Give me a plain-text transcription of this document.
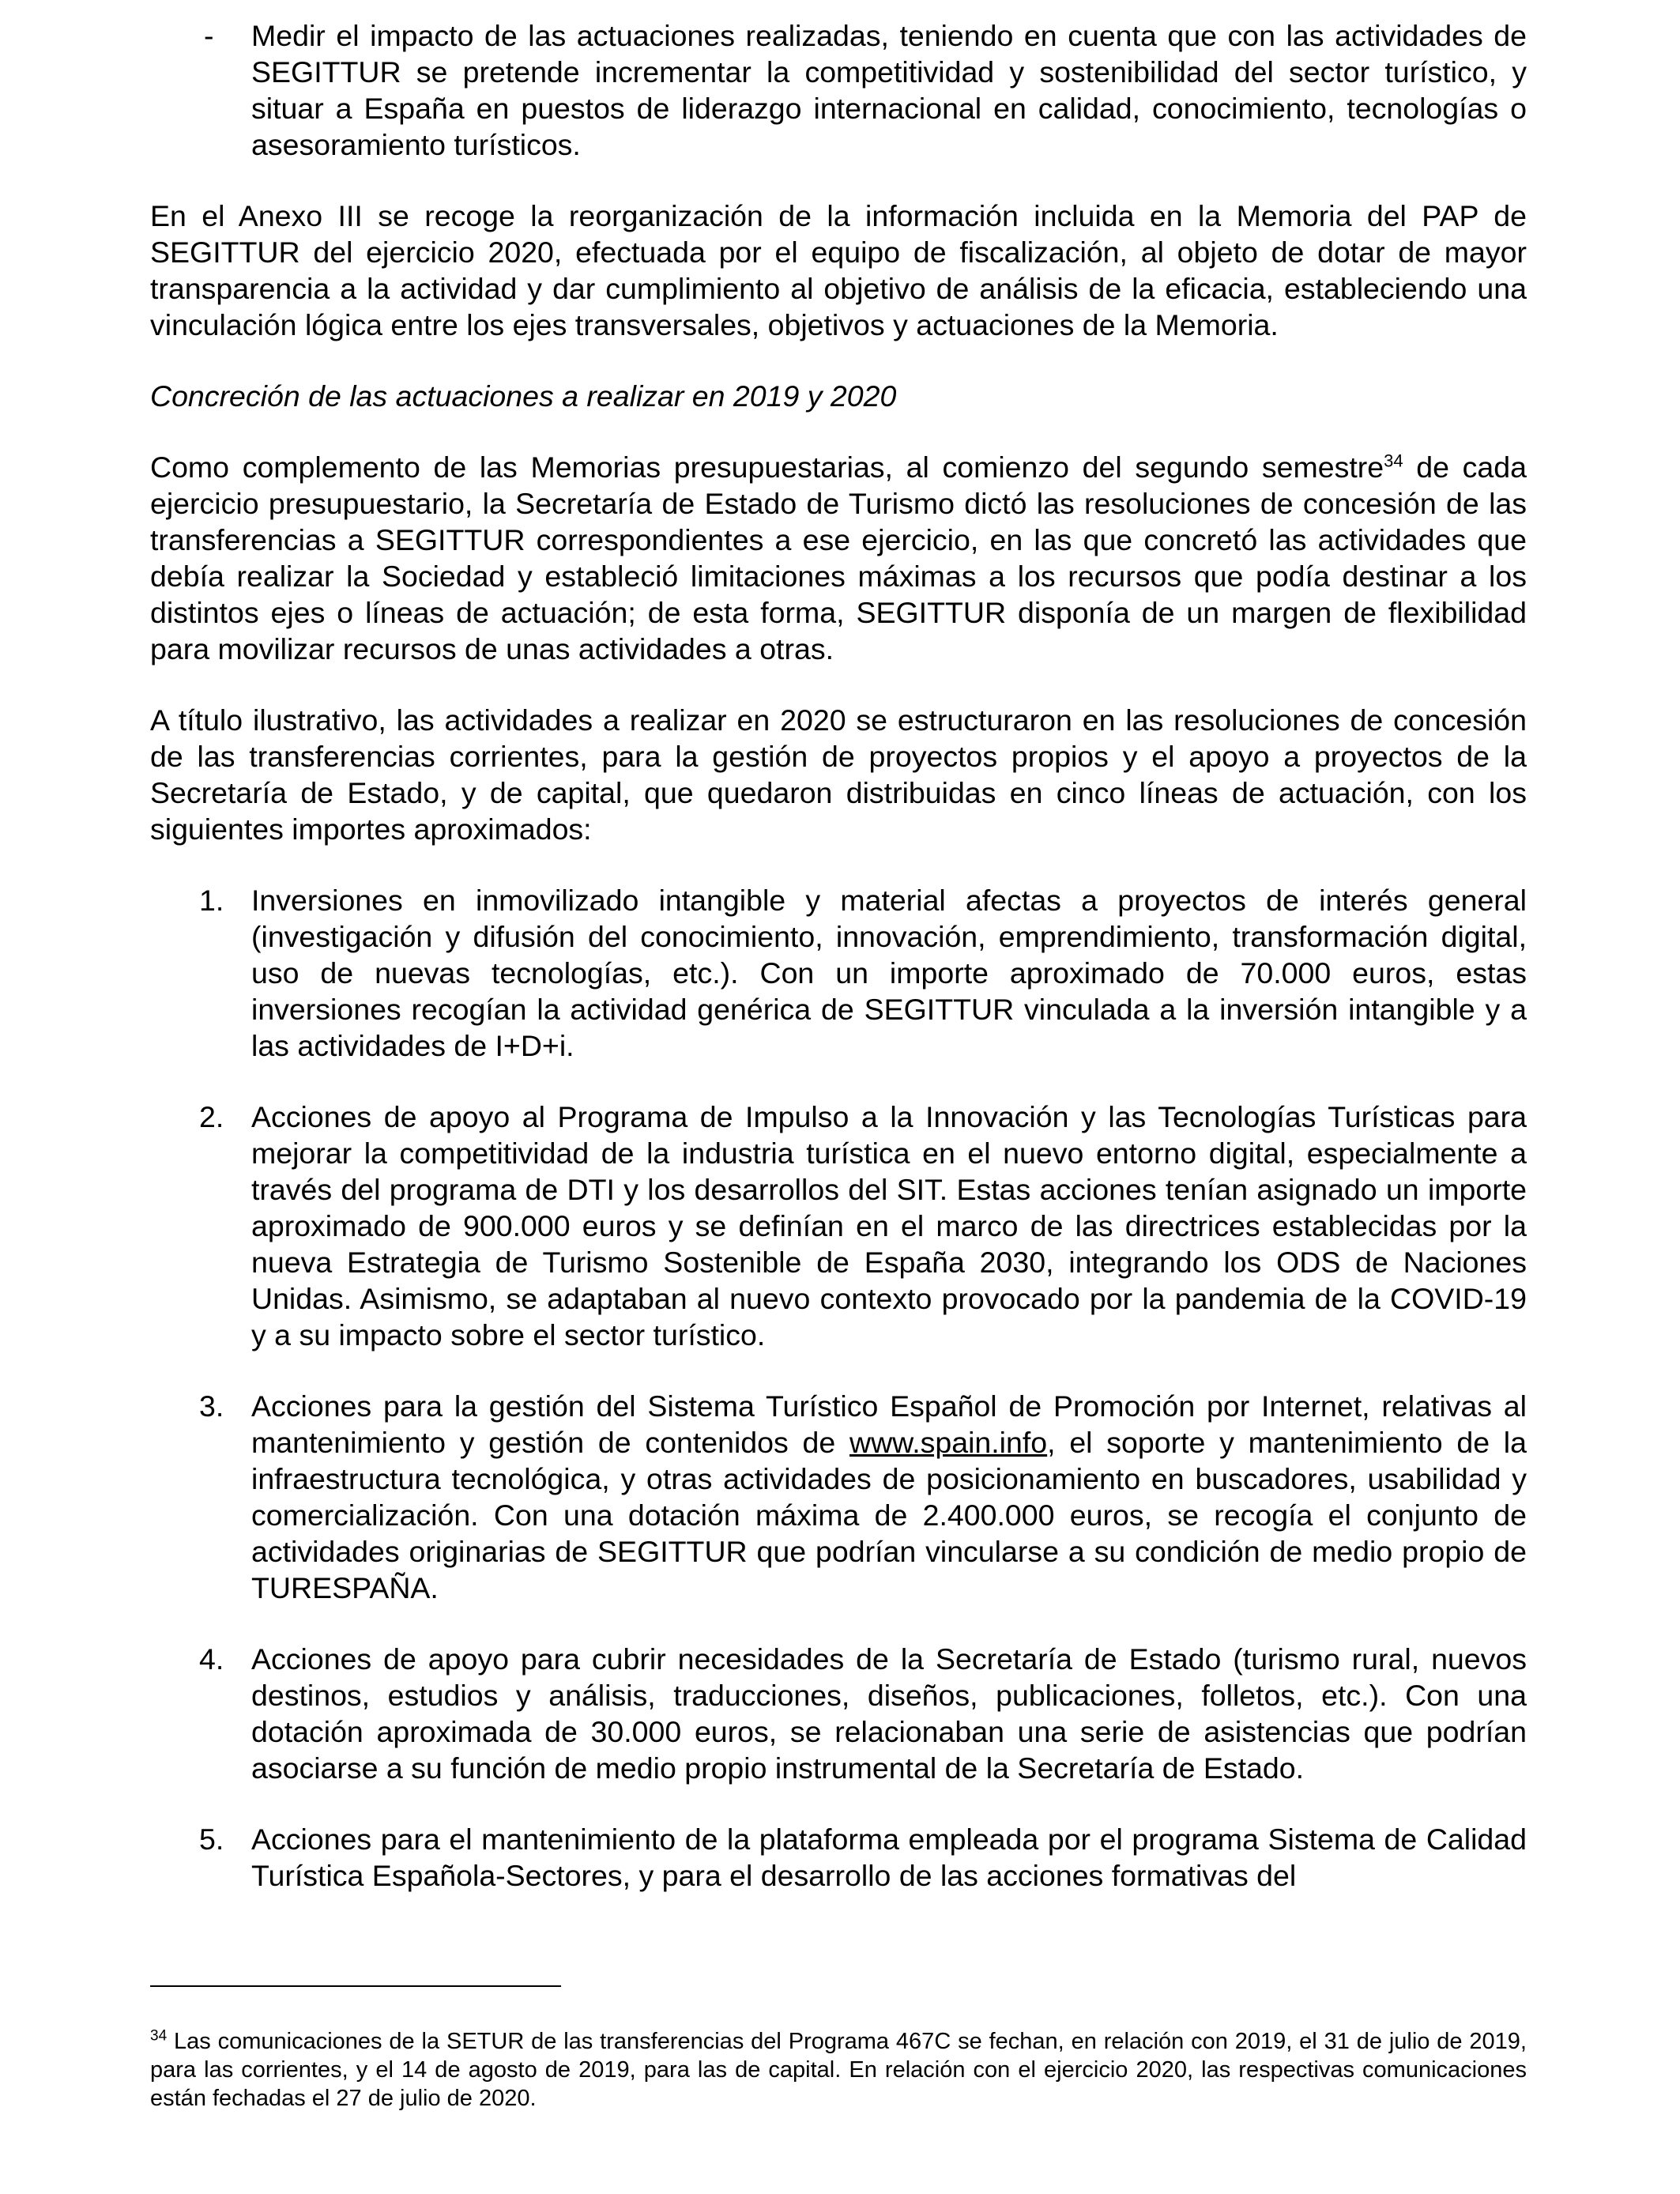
- Medir el impacto de las actuaciones realizadas, teniendo en cuenta que con las actividades de SEGITTUR se pretende incrementar la competitividad y sostenibilidad del sector turístico, y situar a España en puestos de liderazgo internacional en calidad, conocimiento, tecnologías o asesoramiento turísticos.

En el Anexo III se recoge la reorganización de la información incluida en la Memoria del PAP de SEGITTUR del ejercicio 2020, efectuada por el equipo de fiscalización, al objeto de dotar de mayor transparencia a la actividad y dar cumplimiento al objetivo de análisis de la eficacia, estableciendo una vinculación lógica entre los ejes transversales, objetivos y actuaciones de la Memoria.

Concreción de las actuaciones a realizar en 2019 y 2020

Como complemento de las Memorias presupuestarias, al comienzo del segundo semestre$^{34}$ de cada ejercicio presupuestario, la Secretaría de Estado de Turismo dictó las resoluciones de concesión de las transferencias a SEGITTUR correspondientes a ese ejercicio, en las que concretó las actividades que debía realizar la Sociedad y estableció limitaciones máximas a los recursos que podía destinar a los distintos ejes o líneas de actuación; de esta forma, SEGITTUR disponía de un margen de flexibilidad para movilizar recursos de unas actividades a otras.

A título ilustrativo, las actividades a realizar en 2020 se estructuraron en las resoluciones de concesión de las transferencias corrientes, para la gestión de proyectos propios y el apoyo a proyectos de la Secretaría de Estado, y de capital, que quedaron distribuidas en cinco líneas de actuación, con los siguientes importes aproximados:

1. Inversiones en inmovilizado intangible y material afectas a proyectos de interés general (investigación y difusión del conocimiento, innovación, emprendimiento, transformación digital, uso de nuevas tecnologías, etc.). Con un importe aproximado de 70.000 euros, estas inversiones recogían la actividad genérica de SEGITTUR vinculada a la inversión intangible y a las actividades de I+D+i.

2. Acciones de apoyo al Programa de Impulso a la Innovación y las Tecnologías Turísticas para mejorar la competitividad de la industria turística en el nuevo entorno digital, especialmente a través del programa de DTI y los desarrollos del SIT. Estas acciones tenían asignado un importe aproximado de 900.000 euros y se definían en el marco de las directrices establecidas por la nueva Estrategia de Turismo Sostenible de España 2030, integrando los ODS de Naciones Unidas. Asimismo, se adaptaban al nuevo contexto provocado por la pandemia de la COVID-19 y a su impacto sobre el sector turístico.

3. Acciones para la gestión del Sistema Turístico Español de Promoción por Internet, relativas al mantenimiento y gestión de contenidos de www.spain.info, el soporte y mantenimiento de la infraestructura tecnológica, y otras actividades de posicionamiento en buscadores, usabilidad y comercialización. Con una dotación máxima de 2.400.000 euros, se recogía el conjunto de actividades originarias de SEGITTUR que podrían vincularse a su condición de medio propio de TURESPAÑA.

4. Acciones de apoyo para cubrir necesidades de la Secretaría de Estado (turismo rural, nuevos destinos, estudios y análisis, traducciones, diseños, publicaciones, folletos, etc.). Con una dotación aproximada de 30.000 euros, se relacionaban una serie de asistencias que podrían asociarse a su función de medio propio instrumental de la Secretaría de Estado.

5. Acciones para el mantenimiento de la plataforma empleada por el programa Sistema de Calidad Turística Española-Sectores, y para el desarrollo de las acciones formativas del

$^{34}$ Las comunicaciones de la SETUR de las transferencias del Programa 467C se fechan, en relación con 2019, el 31 de julio de 2019, para las corrientes, y el 14 de agosto de 2019, para las de capital. En relación con el ejercicio 2020, las respectivas comunicaciones están fechadas el 27 de julio de 2020.
